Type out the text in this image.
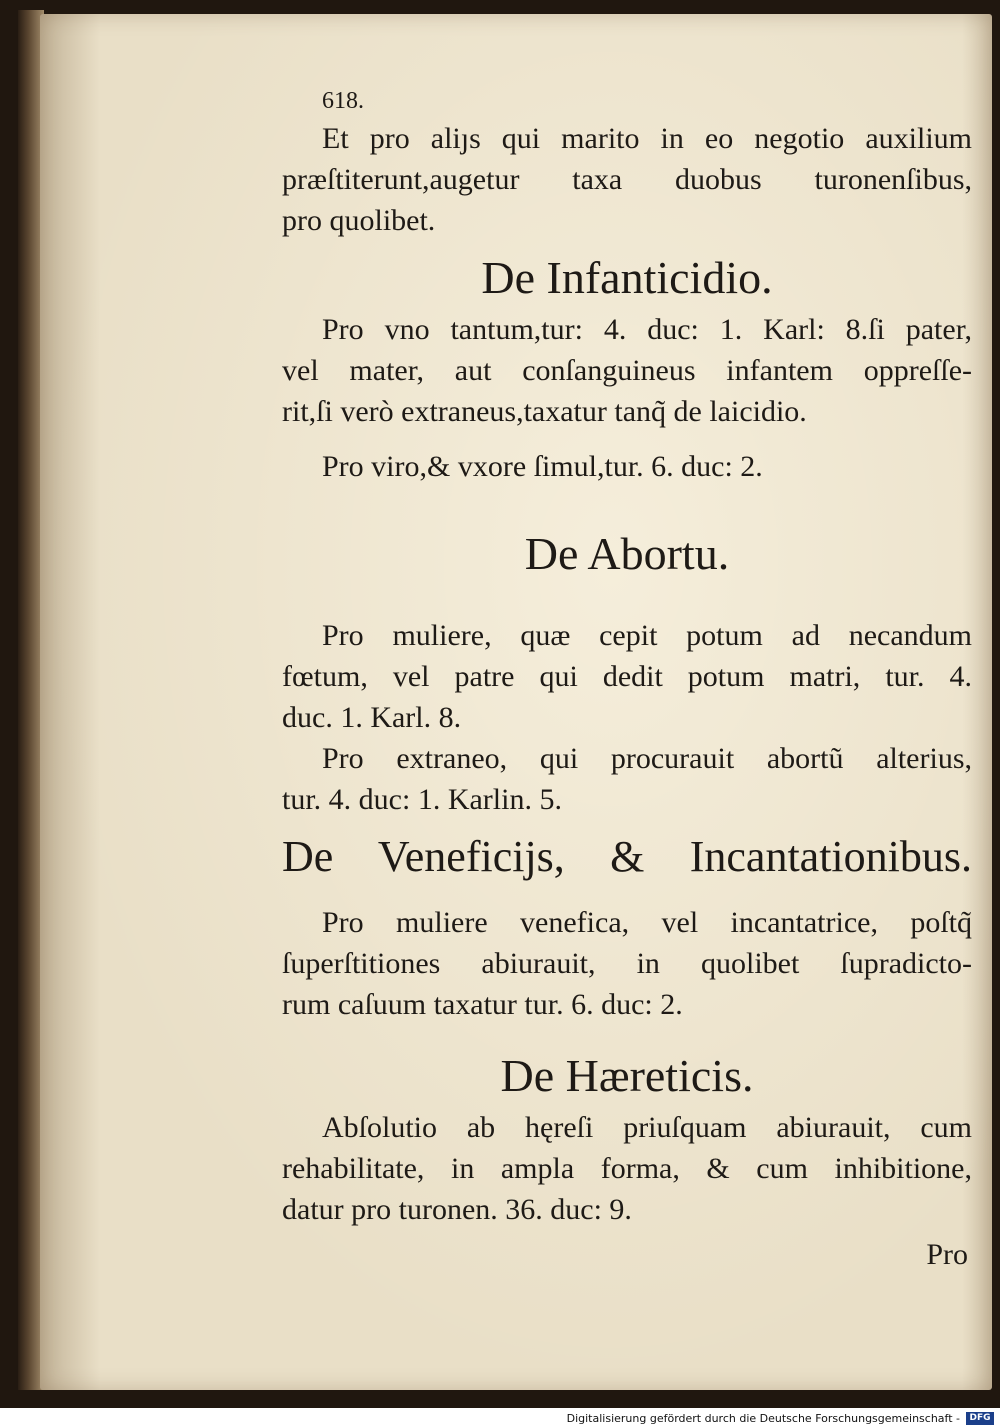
618.
Et pro aliȷs qui marito in eo negotio auxilium
præſtiterunt,augetur taxa duobus turonenſibus,
pro quolibet.
De Infanticidio.
Pro vno tantum,tur: 4. duc: 1. Karl: 8.ſi pater,
vel mater, aut conſanguineus infantem oppreſſe-
rit,ſi verò extraneus,taxatur tanq̃ de laicidio.
Pro viro,& vxore ſimul,tur. 6. duc: 2.
De Abortu.
Pro muliere, quæ cepit potum ad necandum
fœtum, vel patre qui dedit potum matri, tur. 4.
duc. 1. Karl. 8.
Pro extraneo, qui procurauit abortũ alterius,
tur. 4. duc: 1. Karlin. 5.
De Veneficijs, & Incantationibus.
Pro muliere venefica, vel incantatrice, poſtq̃
ſuperſtitiones abiurauit, in quolibet ſupradicto-
rum caſuum taxatur tur. 6. duc: 2.
De Hæreticis.
Abſolutio ab hęreſi priuſquam abiurauit, cum
rehabilitate, in ampla forma, & cum inhibitione,
datur pro turonen. 36. duc: 9.
Pro
Digitalisierung gefördert durch die Deutsche Forschungsgemeinschaft -	DFG
